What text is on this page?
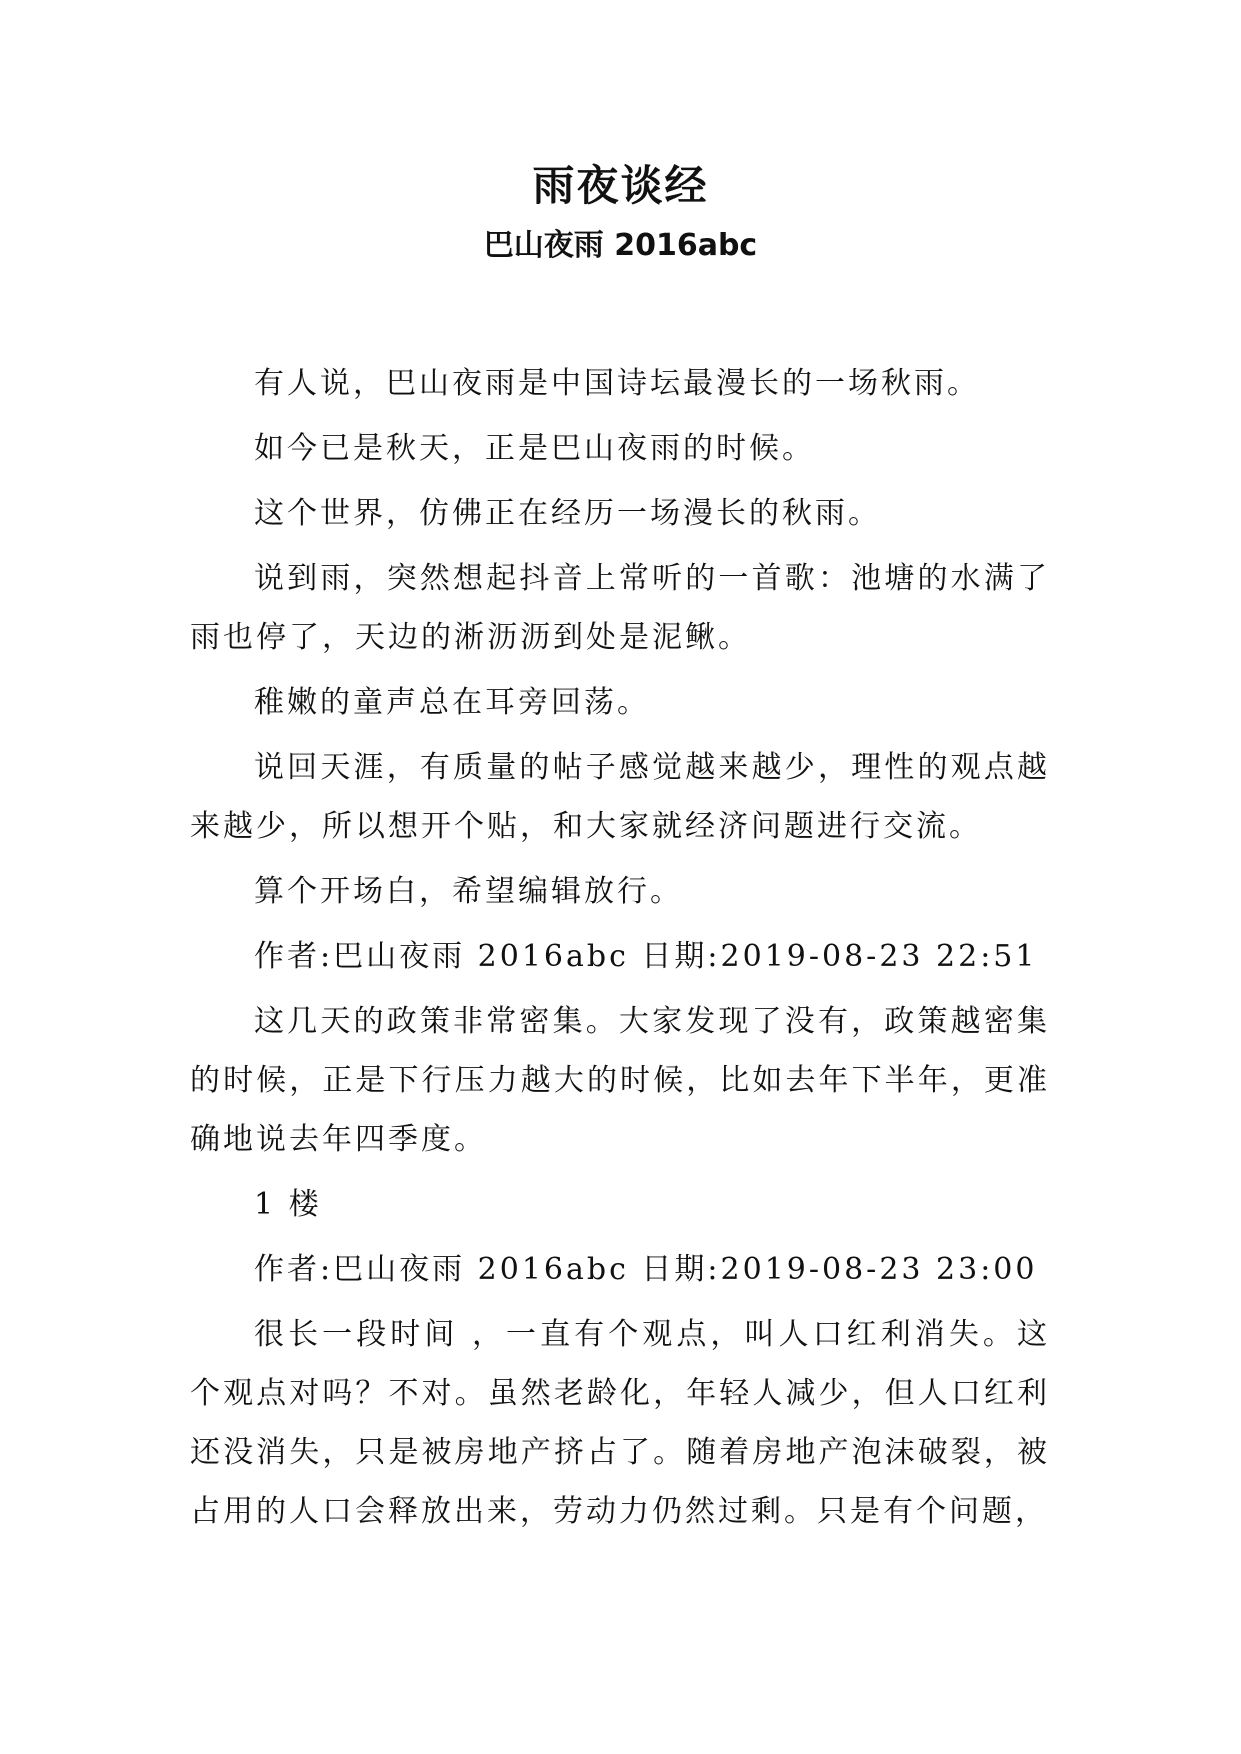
雨夜谈经
巴山夜雨 2016abc

有人说，巴山夜雨是中国诗坛最漫长的一场秋雨。

如今已是秋天，正是巴山夜雨的时候。

这个世界，仿佛正在经历一场漫长的秋雨。

说到雨，突然想起抖音上常听的一首歌：池塘的水满了雨也停了，天边的淅沥沥到处是泥鳅。

稚嫩的童声总在耳旁回荡。

说回天涯，有质量的帖子感觉越来越少，理性的观点越来越少，所以想开个贴，和大家就经济问题进行交流。

算个开场白，希望编辑放行。

作者:巴山夜雨 2016abc 日期:2019-08-23 22:51

这几天的政策非常密集。大家发现了没有，政策越密集的时候，正是下行压力越大的时候，比如去年下半年，更准确地说去年四季度。

1 楼

作者:巴山夜雨 2016abc 日期:2019-08-23 23:00

很长一段时间 ，一直有个观点，叫人口红利消失。这个观点对吗？不对。虽然老龄化，年轻人减少，但人口红利还没消失，只是被房地产挤占了。随着房地产泡沫破裂，被占用的人口会释放出来，劳动力仍然过剩。只是有个问题，
